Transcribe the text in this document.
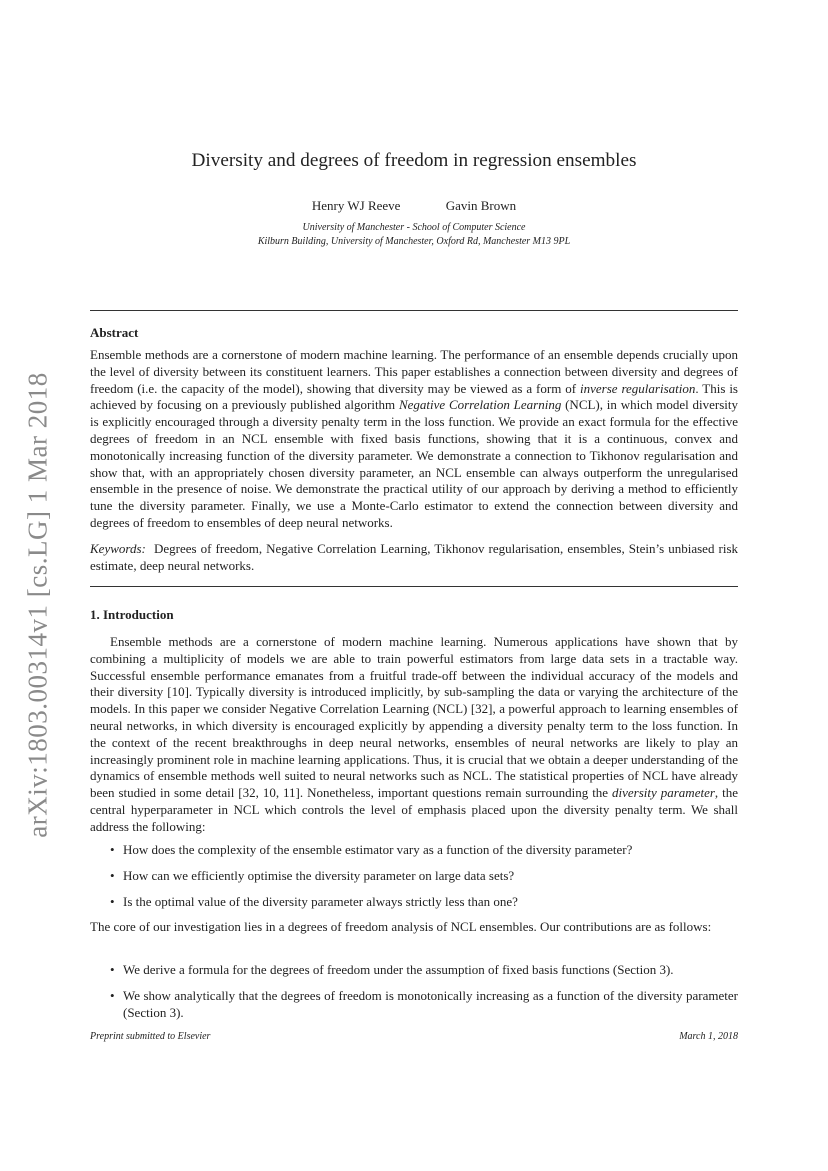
arXiv:1803.00314v1 [cs.LG] 1 Mar 2018
Diversity and degrees of freedom in regression ensembles
Henry WJ Reeve	Gavin Brown
University of Manchester - School of Computer Science
Kilburn Building, University of Manchester, Oxford Rd, Manchester M13 9PL
Abstract
Ensemble methods are a cornerstone of modern machine learning. The performance of an ensemble depends crucially upon the level of diversity between its constituent learners. This paper establishes a connection between diversity and degrees of freedom (i.e. the capacity of the model), showing that diversity may be viewed as a form of inverse regularisation. This is achieved by focusing on a previously published algorithm Negative Correlation Learning (NCL), in which model diversity is explicitly encouraged through a diversity penalty term in the loss function. We provide an exact formula for the effective degrees of freedom in an NCL ensemble with fixed basis functions, showing that it is a continuous, convex and monotonically increasing function of the diversity parameter. We demonstrate a connection to Tikhonov regularisation and show that, with an appropriately chosen diversity parameter, an NCL ensemble can always outperform the unregularised ensemble in the presence of noise. We demonstrate the practical utility of our approach by deriving a method to efficiently tune the diversity parameter. Finally, we use a Monte-Carlo estimator to extend the connection between diversity and degrees of freedom to ensembles of deep neural networks.
Keywords: Degrees of freedom, Negative Correlation Learning, Tikhonov regularisation, ensembles, Stein’s unbiased risk estimate, deep neural networks.
1. Introduction
Ensemble methods are a cornerstone of modern machine learning. Numerous applications have shown that by combining a multiplicity of models we are able to train powerful estimators from large data sets in a tractable way. Successful ensemble performance emanates from a fruitful trade-off between the individual accuracy of the models and their diversity [10]. Typically diversity is introduced implicitly, by sub-sampling the data or varying the architecture of the models. In this paper we consider Negative Correlation Learning (NCL) [32], a powerful approach to learning ensembles of neural networks, in which diversity is encouraged explicitly by appending a diversity penalty term to the loss function. In the context of the recent breakthroughs in deep neural networks, ensembles of neural networks are likely to play an increasingly prominent role in machine learning applications. Thus, it is crucial that we obtain a deeper understanding of the dynamics of ensemble methods well suited to neural networks such as NCL. The statistical properties of NCL have already been studied in some detail [32, 10, 11]. Nonetheless, important questions remain surrounding the diversity parameter, the central hyperparameter in NCL which controls the level of emphasis placed upon the diversity penalty term. We shall address the following:
• How does the complexity of the ensemble estimator vary as a function of the diversity parameter?
• How can we efficiently optimise the diversity parameter on large data sets?
• Is the optimal value of the diversity parameter always strictly less than one?
The core of our investigation lies in a degrees of freedom analysis of NCL ensembles. Our contributions are as follows:
• We derive a formula for the degrees of freedom under the assumption of fixed basis functions (Section 3).
• We show analytically that the degrees of freedom is monotonically increasing as a function of the diversity parameter (Section 3).
Preprint submitted to Elsevier	March 1, 2018
